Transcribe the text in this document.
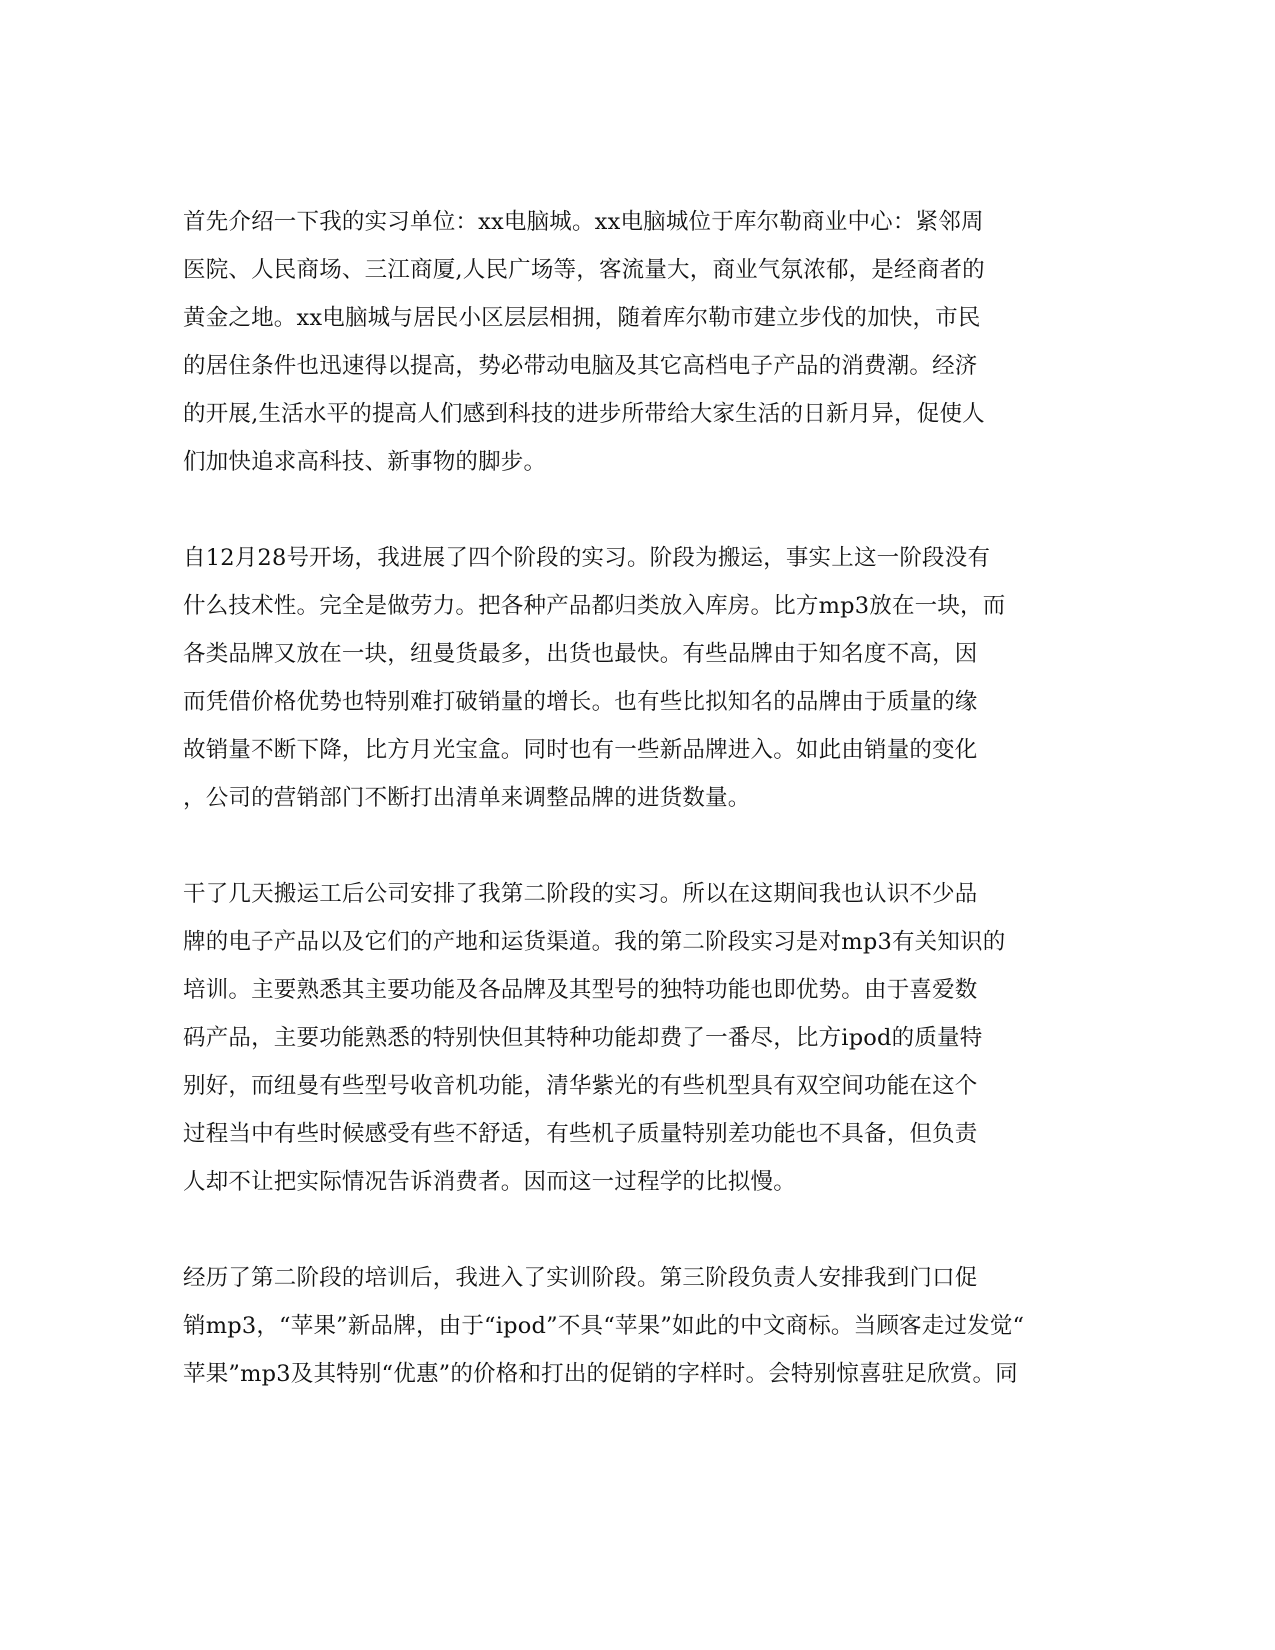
首先介绍一下我的实习单位：xx电脑城。xx电脑城位于库尔勒商业中心：紧邻周
医院、人民商场、三江商厦,人民广场等，客流量大，商业气氛浓郁，是经商者的
黄金之地。xx电脑城与居民小区层层相拥，随着库尔勒市建立步伐的加快，市民
的居住条件也迅速得以提高，势必带动电脑及其它高档电子产品的消费潮。经济
的开展,生活水平的提高人们感到科技的进步所带给大家生活的日新月异，促使人
们加快追求高科技、新事物的脚步。
自12月28号开场，我进展了四个阶段的实习。阶段为搬运，事实上这一阶段没有
什么技术性。完全是做劳力。把各种产品都归类放入库房。比方mp3放在一块，而
各类品牌又放在一块，纽曼货最多，出货也最快。有些品牌由于知名度不高，因
而凭借价格优势也特别难打破销量的增长。也有些比拟知名的品牌由于质量的缘
故销量不断下降，比方月光宝盒。同时也有一些新品牌进入。如此由销量的变化
，公司的营销部门不断打出清单来调整品牌的进货数量。
干了几天搬运工后公司安排了我第二阶段的实习。所以在这期间我也认识不少品
牌的电子产品以及它们的产地和运货渠道。我的第二阶段实习是对mp3有关知识的
培训。主要熟悉其主要功能及各品牌及其型号的独特功能也即优势。由于喜爱数
码产品，主要功能熟悉的特别快但其特种功能却费了一番尽，比方ipod的质量特
别好，而纽曼有些型号收音机功能，清华紫光的有些机型具有双空间功能在这个
过程当中有些时候感受有些不舒适，有些机子质量特别差功能也不具备，但负责
人却不让把实际情况告诉消费者。因而这一过程学的比拟慢。
经历了第二阶段的培训后，我进入了实训阶段。第三阶段负责人安排我到门口促
销mp3，“苹果”新品牌，由于“ipod”不具“苹果”如此的中文商标。当顾客走过发觉“
苹果”mp3及其特别“优惠”的价格和打出的促销的字样时。会特别惊喜驻足欣赏。同
